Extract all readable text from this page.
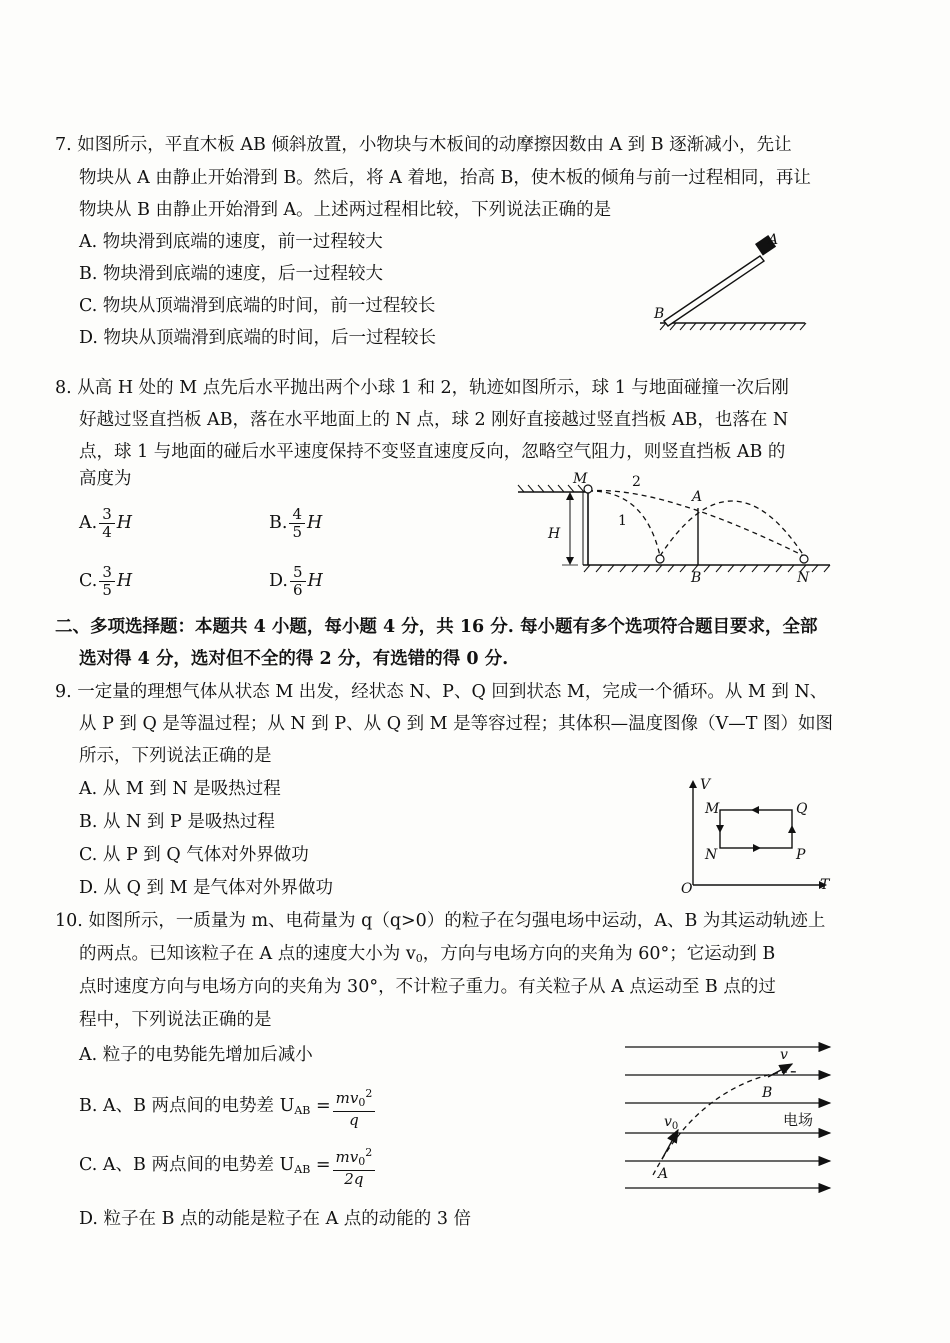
7. 如图所示，平直木板 AB 倾斜放置，小物块与木板间的动摩擦因数由 A 到 B 逐渐减小，先让
物块从 A 由静止开始滑到 B。然后，将 A 着地，抬高 B，使木板的倾角与前一过程相同，再让
物块从 B 由静止开始滑到 A。上述两过程相比较，下列说法正确的是
A. 物块滑到底端的速度，前一过程较大
B. 物块滑到底端的速度，后一过程较大
C. 物块从顶端滑到底端的时间，前一过程较长
D. 物块从顶端滑到底端的时间，后一过程较长
A
B
8. 从高 H 处的 M 点先后水平抛出两个小球 1 和 2，轨迹如图所示，球 1 与地面碰撞一次后刚
好越过竖直挡板 AB，落在水平地面上的 N 点，球 2 刚好直接越过竖直挡板 AB，也落在 N
点，球 1 与地面的碰后水平速度保持不变竖直速度反向，忽略空气阻力，则竖直挡板 AB 的
高度为
A. $\frac{3}{4}$ H	B. $\frac{4}{5}$ H
C. $\frac{3}{5}$ H	D. $\frac{5}{6}$ H
M	2
1
A
H
B	N
二、多项选择题：本题共 4 小题，每小题 4 分，共 16 分. 每小题有多个选项符合题目要求，全部
选对得 4 分，选对但不全的得 2 分，有选错的得 0 分.
9. 一定量的理想气体从状态 M 出发，经状态 N、P、Q 回到状态 M，完成一个循环。从 M 到 N、
从 P 到 Q 是等温过程；从 N 到 P、从 Q 到 M 是等容过程；其体积—温度图像（V—T 图）如图
所示，下列说法正确的是
A. 从 M 到 N 是吸热过程
B. 从 N 到 P 是吸热过程
C. 从 P 到 Q 气体对外界做功
D. 从 Q 到 M 是气体对外界做功
V
T
O
M	Q
N	P
10. 如图所示，一质量为 m、电荷量为 q（q>0）的粒子在匀强电场中运动，A、B 为其运动轨迹上
的两点。已知该粒子在 A 点的速度大小为 $v_0$，方向与电场方向的夹角为 60°；它运动到 B
点时速度方向与电场方向的夹角为 30°，不计粒子重力。有关粒子从 A 点运动至 B 点的过
程中，下列说法正确的是
A. 粒子的电势能先增加后减小
B. A、B 两点间的电势差 $U_{AB} = \frac{mv_0^2}{q}$
C. A、B 两点间的电势差 $U_{AB} = \frac{mv_0^2}{2q}$
D. 粒子在 B 点的动能是粒子在 A 点的动能的 3 倍
v
B
$v_0$
A
电场
